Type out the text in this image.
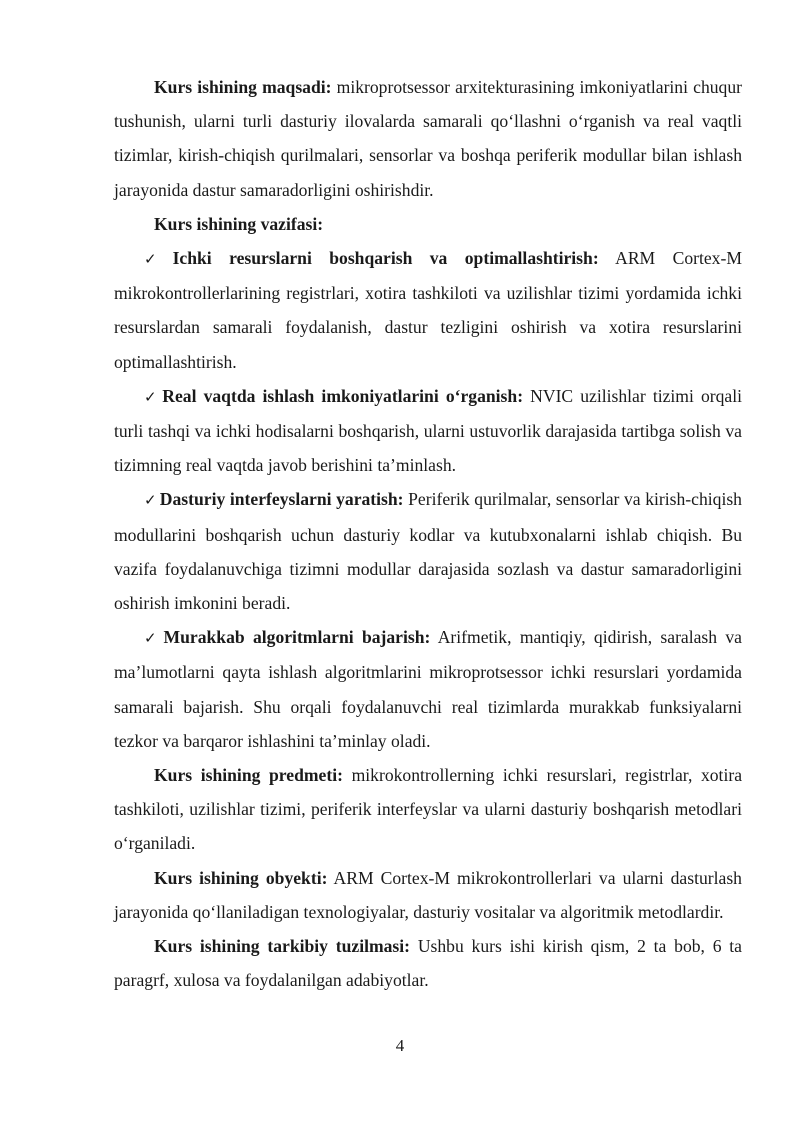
Kurs ishining maqsadi: mikroprotsessor arxitekturasining imkoniyatlarini chuqur tushunish, ularni turli dasturiy ilovalarda samarali qo‘llashni o‘rganish va real vaqtli tizimlar, kirish-chiqish qurilmalari, sensorlar va boshqa periferik modullar bilan ishlash jarayonida dastur samaradorligini oshirishdir.

Kurs ishining vazifasi:

✓ Ichki resurslarni boshqarish va optimallashtirish: ARM Cortex-M mikrokontrollerlarining registrlari, xotira tashkiloti va uzilishlar tizimi yordamida ichki resurslardan samarali foydalanish, dastur tezligini oshirish va xotira resurslarini optimallashtirish.

✓ Real vaqtda ishlash imkoniyatlarini o‘rganish: NVIC uzilishlar tizimi orqali turli tashqi va ichki hodisalarni boshqarish, ularni ustuvorlik darajasida tartibga solish va tizimning real vaqtda javob berishini ta’minlash.

✓ Dasturiy interfeyslarni yaratish: Periferik qurilmalar, sensorlar va kirish-chiqish modullarini boshqarish uchun dasturiy kodlar va kutubxonalarni ishlab chiqish. Bu vazifa foydalanuvchiga tizimni modullar darajasida sozlash va dastur samaradorligini oshirish imkonini beradi.

✓ Murakkab algoritmlarni bajarish: Arifmetik, mantiqiy, qidirish, saralash va ma’lumotlarni qayta ishlash algoritmlarini mikroprotsessor ichki resurslari yordamida samarali bajarish. Shu orqali foydalanuvchi real tizimlarda murakkab funksiyalarni tezkor va barqaror ishlashini ta’minlay oladi.

Kurs ishining predmeti: mikrokontrollerning ichki resurslari, registrlar, xotira tashkiloti, uzilishlar tizimi, periferik interfeyslar va ularni dasturiy boshqarish metodlari o‘rganiladi.

Kurs ishining obyekti: ARM Cortex-M mikrokontrollerlari va ularni dasturlash jarayonida qo‘llaniladigan texnologiyalar, dasturiy vositalar va algoritmik metodlardir.

Kurs ishining tarkibiy tuzilmasi: Ushbu kurs ishi kirish qism, 2 ta bob, 6 ta paragrf, xulosa va foydalanilgan adabiyotlar.

4
